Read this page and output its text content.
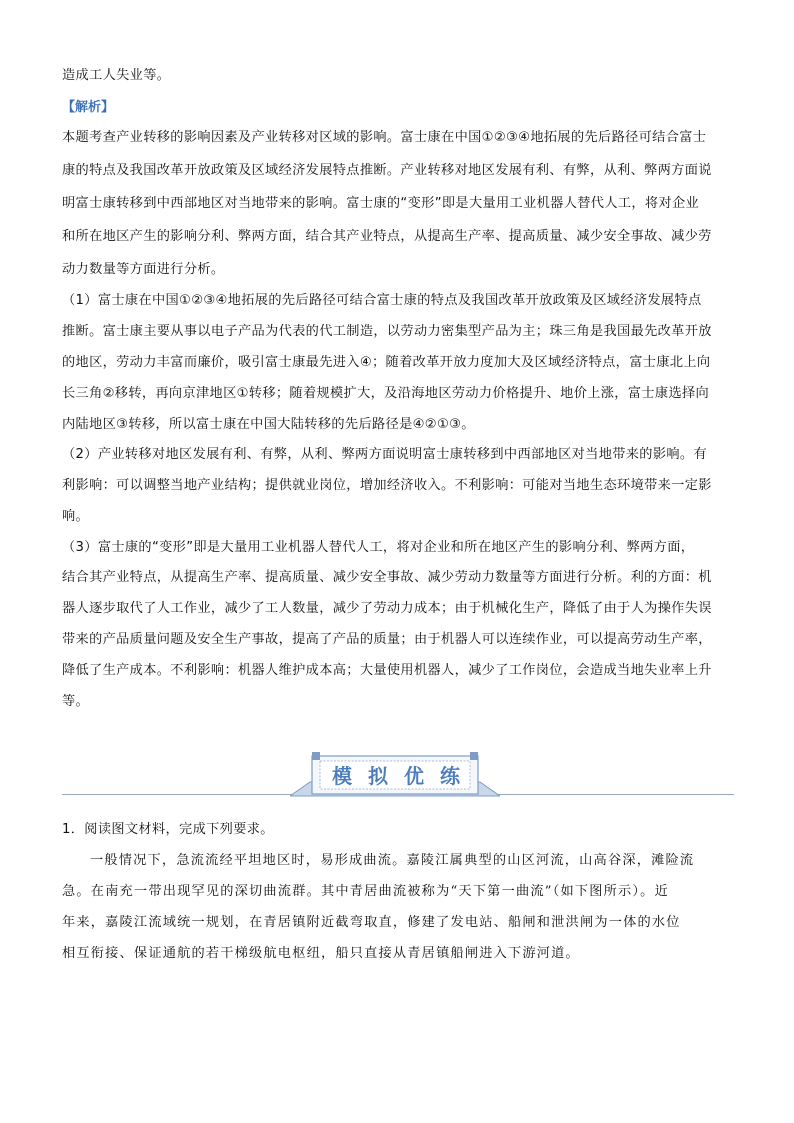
造成工人失业等。
【解析】
本题考查产业转移的影响因素及产业转移对区域的影响。富士康在中国①②③④地拓展的先后路径可结合富士
康的特点及我国改革开放政策及区域经济发展特点推断。产业转移对地区发展有利、有弊，从利、弊两方面说
明富士康转移到中西部地区对当地带来的影响。富士康的“变形”即是大量用工业机器人替代人工，将对企业
和所在地区产生的影响分利、弊两方面，结合其产业特点，从提高生产率、提高质量、减少安全事故、减少劳
动力数量等方面进行分析。
（1）富士康在中国①②③④地拓展的先后路径可结合富士康的特点及我国改革开放政策及区域经济发展特点
推断。富士康主要从事以电子产品为代表的代工制造，以劳动力密集型产品为主；珠三角是我国最先改革开放
的地区，劳动力丰富而廉价，吸引富士康最先进入④；随着改革开放力度加大及区域经济特点，富士康北上向
长三角②移转，再向京津地区①转移；随着规模扩大，及沿海地区劳动力价格提升、地价上涨，富士康选择向
内陆地区③转移，所以富士康在中国大陆转移的先后路径是④②①③。
（2）产业转移对地区发展有利、有弊，从利、弊两方面说明富士康转移到中西部地区对当地带来的影响。有
利影响：可以调整当地产业结构；提供就业岗位，增加经济收入。不利影响：可能对当地生态环境带来一定影
响。
（3）富士康的“变形”即是大量用工业机器人替代人工，将对企业和所在地区产生的影响分利、弊两方面，
结合其产业特点，从提高生产率、提高质量、减少安全事故、减少劳动力数量等方面进行分析。利的方面：机
器人逐步取代了人工作业，减少了工人数量，减少了劳动力成本；由于机械化生产，降低了由于人为操作失误
带来的产品质量问题及安全生产事故，提高了产品的质量；由于机器人可以连续作业，可以提高劳动生产率，
降低了生产成本。不利影响：机器人维护成本高；大量使用机器人，减少了工作岗位，会造成当地失业率上升
等。
模 拟 优 练
1．阅读图文材料，完成下列要求。
一般情况下，急流流经平坦地区时，易形成曲流。嘉陵江属典型的山区河流，山高谷深，滩险流
急。在南充一带出现罕见的深切曲流群。其中青居曲流被称为“天下第一曲流”（如下图所示）。近
年来，嘉陵江流域统一规划，在青居镇附近截弯取直，修建了发电站、船闸和泄洪闸为一体的水位
相互衔接、保证通航的若干梯级航电枢纽，船只直接从青居镇船闸进入下游河道。
